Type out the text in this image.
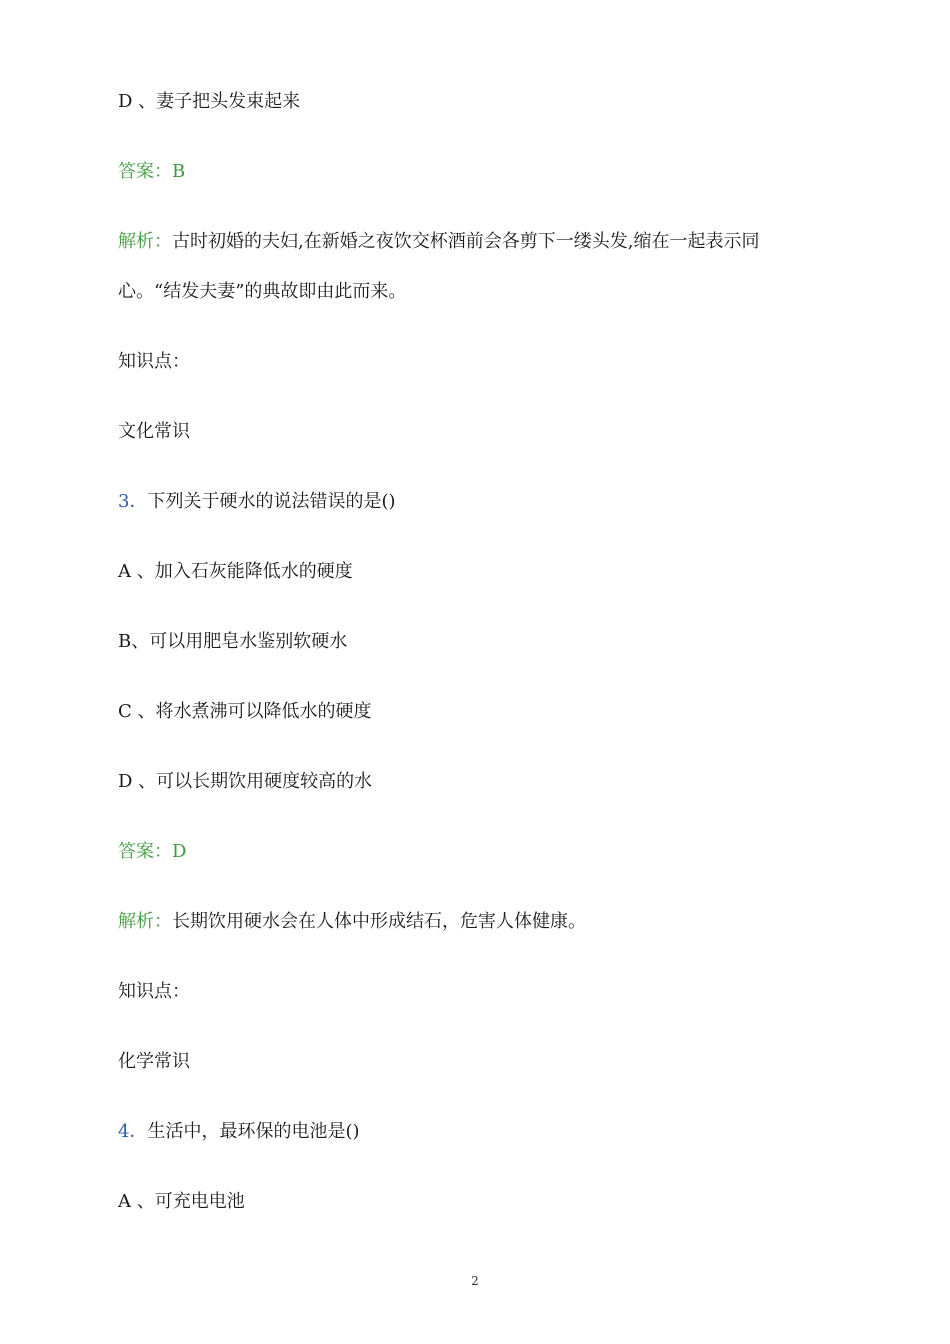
D 、妻子把头发束起来
答案：B
解析：古时初婚的夫妇,在新婚之夜饮交杯酒前会各剪下一缕头发,缩在一起表示同
心。“结发夫妻”的典故即由此而来。
知识点：
文化常识
3．下列关于硬水的说法错误的是()
A 、加入石灰能降低水的硬度
B、可以用肥皂水鉴别软硬水
C 、将水煮沸可以降低水的硬度
D 、可以长期饮用硬度较高的水
答案：D
解析：长期饮用硬水会在人体中形成结石，危害人体健康。
知识点：
化学常识
4．生活中，最环保的电池是()
A 、可充电电池
2
